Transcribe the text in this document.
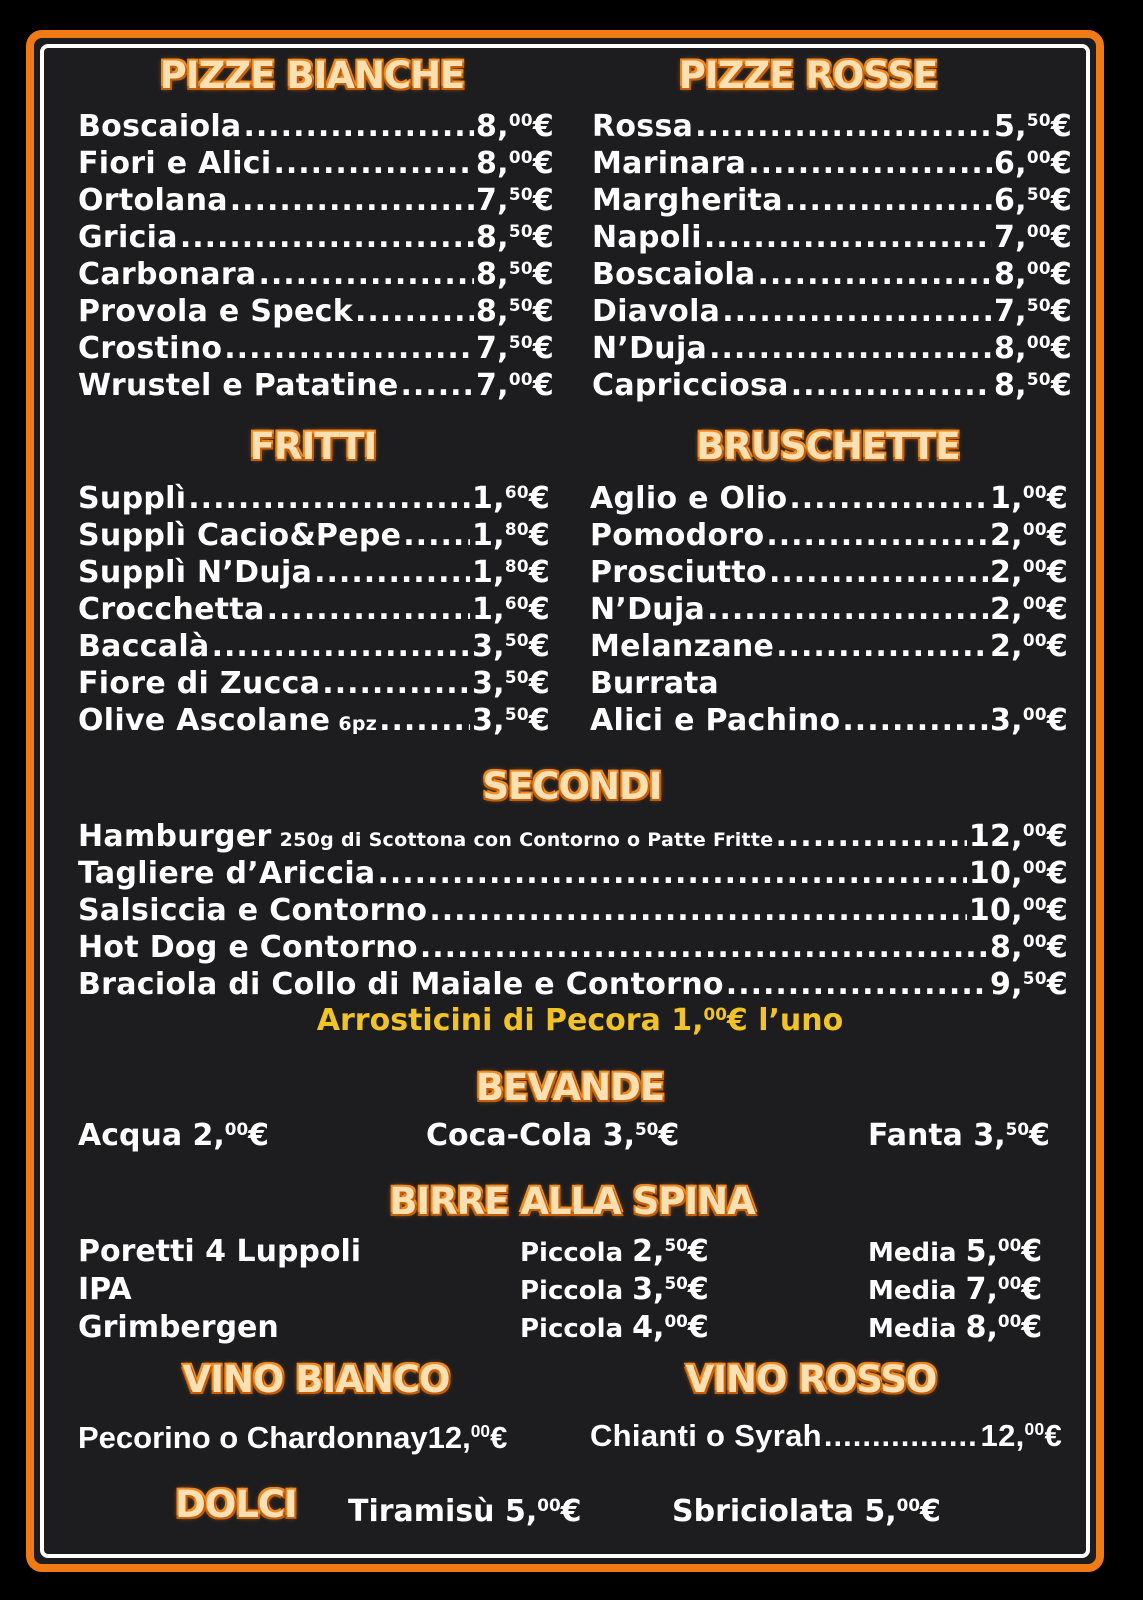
PIZZE BIANCHE	PIZZE ROSSE
Boscaiola .....	8,00€
Fiori e Alici .....	8,00€
Ortolana .....	7,50€
Gricia .....	8,50€
Carbonara .....	8,50€
Provola e Speck .....	8,50€
Crostino .....	7,50€
Wrustel e Patatine .....	7,00€
Rossa .....	5,50€
Marinara .....	6,00€
Margherita .....	6,50€
Napoli .....	7,00€
Boscaiola .....	8,00€
Diavola .....	7,50€
N’Duja .....	8,00€
Capricciosa .....	8,50€
FRITTI	BRUSCHETTE
Supplì .....	1,60€
Supplì Cacio&Pepe ..... 1,80€
Supplì N’Duja .....	1,80€
Crocchetta .....	1,60€
Baccalà .....	3,50€
Fiore di Zucca .....	3,50€
Olive Ascolane 6pz .....	3,50€
Aglio e Olio .....	1,00€
Pomodoro .....	2,00€
Prosciutto .....	2,00€
N’Duja .....	2,00€
Melanzane .....	2,00€
Burrata
Alici e Pachino .....	3,00€
SECONDI
Hamburger 250g di Scottona con Contorno o Patte Fritte .....	12,00€
Tagliere d’Ariccia .....	10,00€
Salsiccia e Contorno .....	10,00€
Hot Dog e Contorno .....	8,00€
Braciola di Collo di Maiale e Contorno .....	9,50€
Arrosticini di Pecora 1,00€ l’uno
BEVANDE
Acqua 2,00€	Coca-Cola 3,50€	Fanta 3,50€
BIRRE ALLA SPINA
Poretti 4 Luppoli	Piccola 2,50€	Media 5,00€
IPA	Piccola 3,50€	Media 7,00€
Grimbergen	Piccola 4,00€	Media 8,00€
VINO BIANCO	VINO ROSSO
Pecorino o Chardonnay12,00€	Chianti o Syrah .....	12,00€
DOLCI Tiramisù 5,00€	Sbriciolata 5,00€
